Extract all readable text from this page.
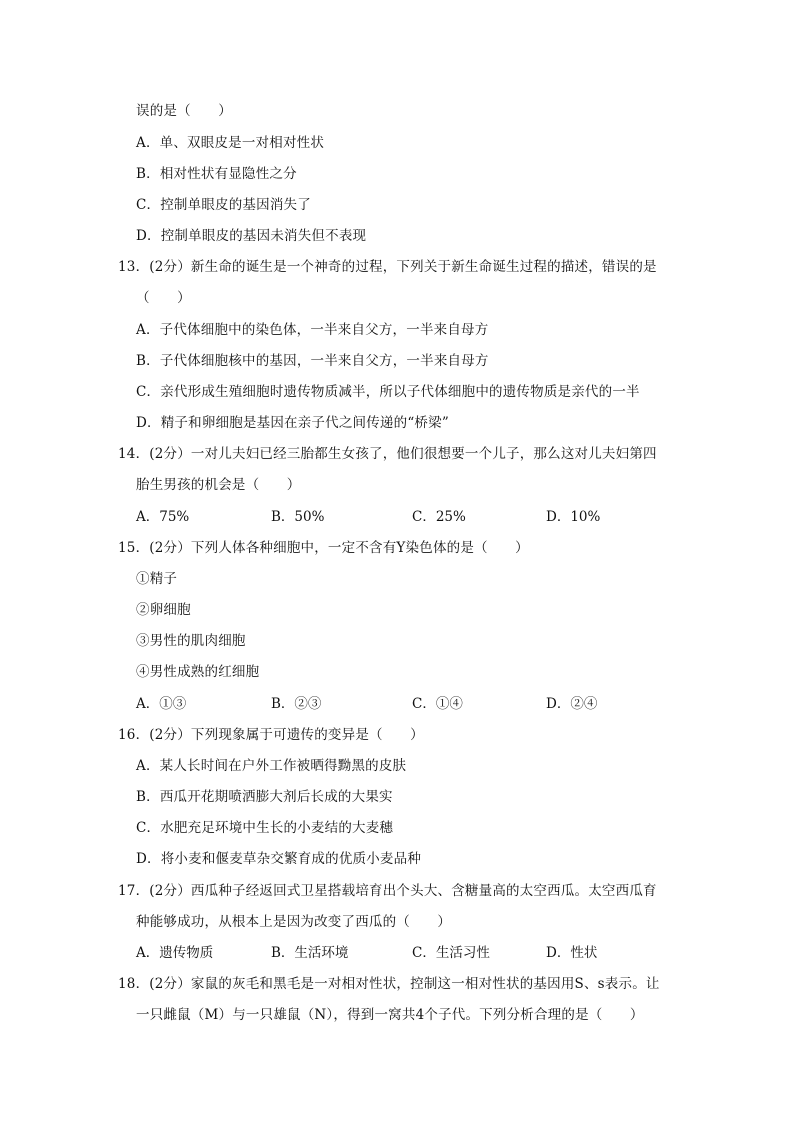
误的是（　　）
A．单、双眼皮是一对相对性状
B．相对性状有显隐性之分
C．控制单眼皮的基因消失了
D．控制单眼皮的基因未消失但不表现
13．(2分）新生命的诞生是一个神奇的过程，下列关于新生命诞生过程的描述，错误的是
（　　）
A．子代体细胞中的染色体，一半来自父方，一半来自母方
B．子代体细胞核中的基因，一半来自父方，一半来自母方
C．亲代形成生殖细胞时遗传物质减半，所以子代体细胞中的遗传物质是亲代的一半
D．精子和卵细胞是基因在亲子代之间传递的“桥梁”
14．(2分）一对儿夫妇已经三胎都生女孩了，他们很想要一个儿子，那么这对儿夫妇第四
胎生男孩的机会是（　　）
A．75%	B．50%	C．25%	D．10%
15．(2分）下列人体各种细胞中，一定不含有Y染色体的是（　　）
①精子
②卵细胞
③男性的肌肉细胞
④男性成熟的红细胞
A．①③	B．②③	C．①④	D．②④
16．(2分）下列现象属于可遗传的变异是（　　）
A．某人长时间在户外工作被晒得黝黑的皮肤
B．西瓜开花期喷洒膨大剂后长成的大果实
C．水肥充足环境中生长的小麦结的大麦穗
D．将小麦和偃麦草杂交繁育成的优质小麦品种
17．(2分）西瓜种子经返回式卫星搭载培育出个头大、含糖量高的太空西瓜。太空西瓜育
种能够成功，从根本上是因为改变了西瓜的（　　）
A．遗传物质	B．生活环境	C．生活习性	D．性状
18．(2分）家鼠的灰毛和黑毛是一对相对性状，控制这一相对性状的基因用S、s表示。让
一只雌鼠（M）与一只雄鼠（N），得到一窝共4个子代。下列分析合理的是（　　）
